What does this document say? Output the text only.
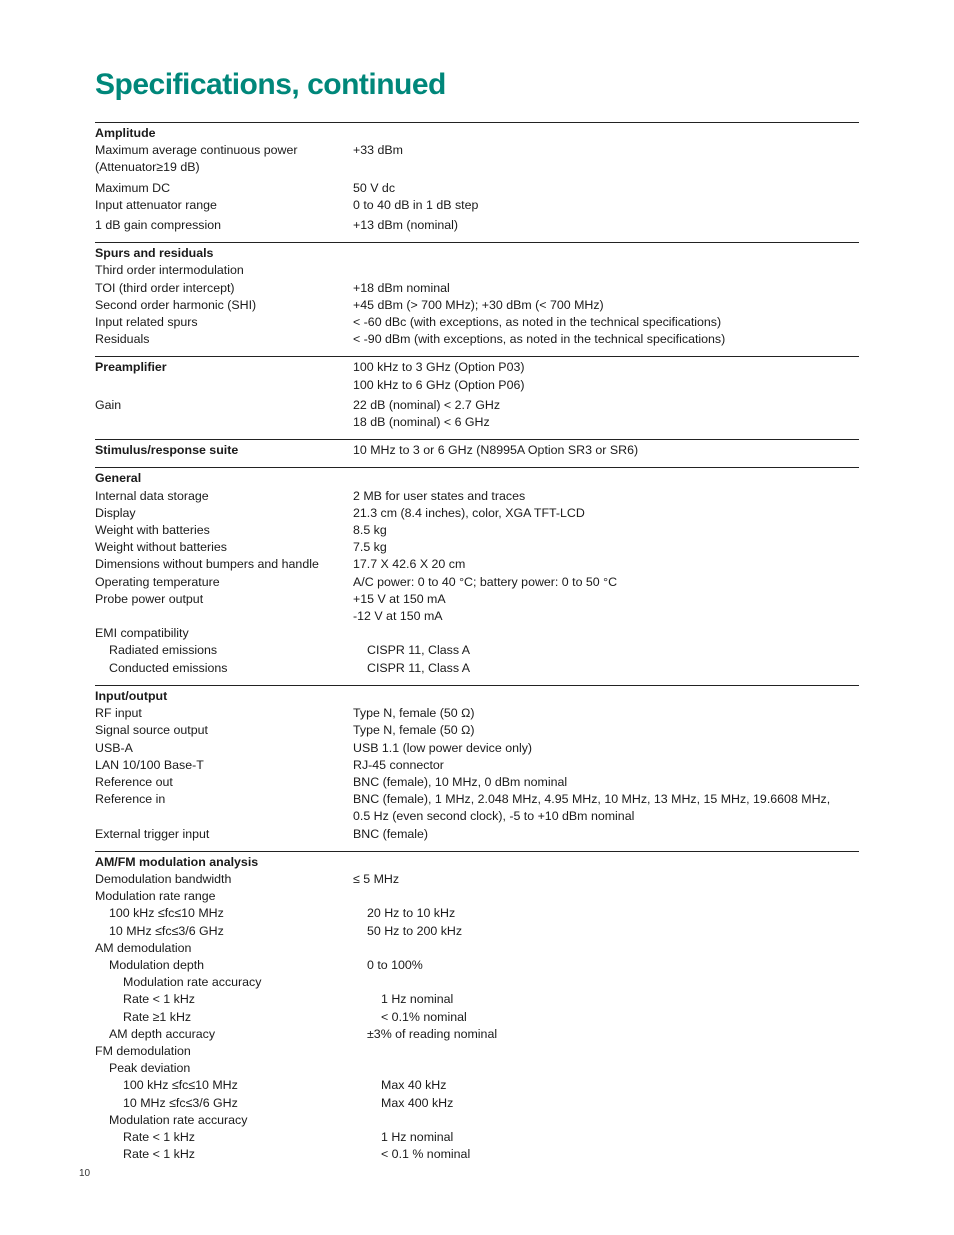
Specifications, continued
Amplitude
Maximum average continuous power	+33 dBm
(Attenuator≥19 dB)
Maximum DC	50 V dc
Input attenuator range	0 to 40 dB in 1 dB step
1 dB gain compression	+13 dBm (nominal)
Spurs and residuals
Third order intermodulation
TOI (third order intercept)	+18 dBm nominal
Second order harmonic (SHI)	+45 dBm (> 700 MHz); +30 dBm (< 700 MHz)
Input related spurs	< -60 dBc (with exceptions, as noted in the technical specifications)
Residuals	< -90 dBm (with exceptions, as noted in the technical specifications)
Preamplifier	100 kHz to 3 GHz (Option P03)
100 kHz to 6 GHz (Option P06)
Gain	22 dB (nominal) < 2.7 GHz
18 dB (nominal) < 6 GHz
Stimulus/response suite	10 MHz to 3 or 6 GHz (N8995A Option SR3 or SR6)
General
Internal data storage	2 MB for user states and traces
Display	21.3 cm (8.4 inches), color, XGA TFT-LCD
Weight with batteries	8.5 kg
Weight without batteries	7.5 kg
Dimensions without bumpers and handle	17.7 X 42.6 X 20 cm
Operating temperature	A/C power: 0 to 40 °C; battery power: 0 to 50 °C
Probe power output	+15 V at 150 mA
-12 V at 150 mA
EMI compatibility
Radiated emissions	CISPR 11, Class A
Conducted emissions	CISPR 11, Class A
Input/output
RF input	Type N, female (50 Ω)
Signal source output	Type N, female (50 Ω)
USB-A	USB 1.1 (low power device only)
LAN 10/100 Base-T	RJ-45 connector
Reference out	BNC (female), 10 MHz, 0 dBm nominal
Reference in	BNC (female), 1 MHz, 2.048 MHz, 4.95 MHz, 10 MHz, 13 MHz, 15 MHz, 19.6608 MHz,
0.5 Hz (even second clock), -5 to +10 dBm nominal
External trigger input	BNC (female)
AM/FM modulation analysis
Demodulation bandwidth	≤ 5 MHz
Modulation rate range
100 kHz ≤fc≤10 MHz	20 Hz to 10 kHz
10 MHz ≤fc≤3/6 GHz	50 Hz to 200 kHz
AM demodulation
Modulation depth	0 to 100%
Modulation rate accuracy
Rate < 1 kHz	1 Hz nominal
Rate ≥1 kHz	< 0.1% nominal
AM depth accuracy	±3% of reading nominal
FM demodulation
Peak deviation
100 kHz ≤fc≤10 MHz	Max 40 kHz
10 MHz ≤fc≤3/6 GHz	Max 400 kHz
Modulation rate accuracy
Rate < 1 kHz	1 Hz nominal
Rate < 1 kHz	< 0.1 % nominal
10
